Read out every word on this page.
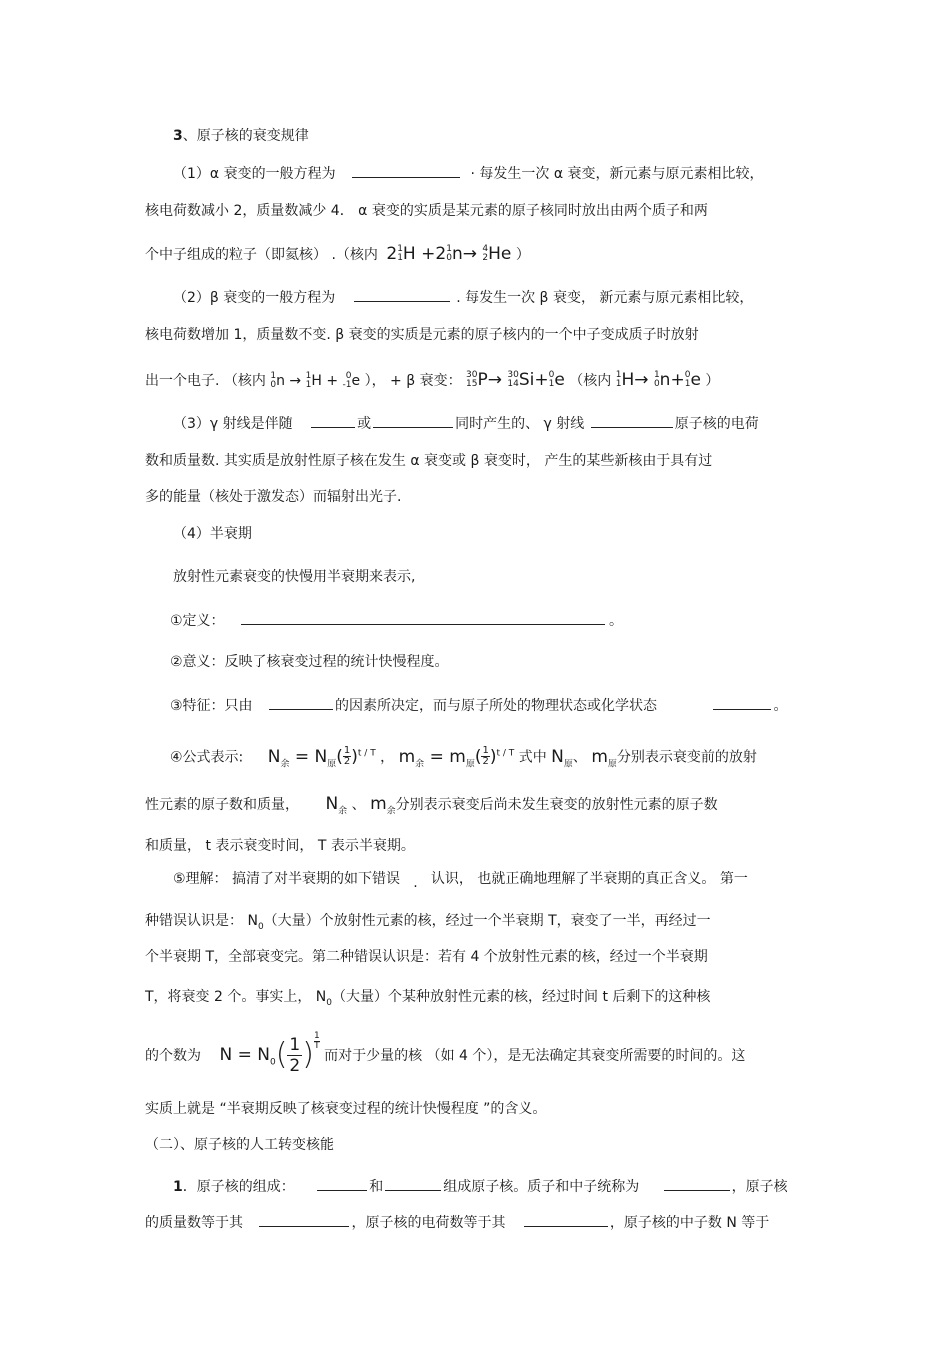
3、原子核的衰变规律
（1）α 衰变的一般方程为	· 每发生一次 α 衰变，新元素与原元素相比较，
核电荷数减小 2，质量数减少 4． α 衰变的实质是某元素的原子核同时放出由两个质子和两
个中子组成的粒子（即氦核） .（核内 2 1
1 H +2 1
0 n→ 4
2 He ）
（2）β 衰变的一般方程为	. 每发生一次 β 衰变， 新元素与原元素相比较，
核电荷数增加 1，质量数不变. β 衰变的实质是元素的原子核内的一个中子变成质子时放射
出一个电子. （核内 1
0 n → 1
1 H + 0
-1 e ）， + β 衰变： 30
15 P→ 30
14 Si+ 0
1 e （核内 1
1 H→ 1
0 n+ 0
1 e ）
（3）γ 射线是伴随	或	同时产生的、 γ 射线	原子核的电荷
数和质量数. 其实质是放射性原子核在发生 α 衰变或 β 衰变时， 产生的某些新核由于具有过
多的能量（核处于激发态）而辐射出光子.
（4）半衰期
放射性元素衰变的快慢用半衰期来表示,
①定义：	。
②意义：反映了核衰变过程的统计快慢程度。
③特征：只由	的因素所决定，而与原子所处的物理状态或化学状态	。
④公式表示: $N_余 = N_原( \frac{1}{2} )^{t / T}$ ， $m_余 = m_原( \frac{1}{2} )^{t / T}$ 式中 $N_原$、 $m_原$分别表示衰变前的放射
性元素的原子数和质量， $N_余$ 、 $m_余$分别表示衰变后尚未发生衰变的放射性元素的原子数
和质量， t 表示衰变时间， T 表示半衰期。
⑤理解： 搞清了对半衰期的如下错误 · 认识， 也就正确地理解了半衰期的真正含义。 第一
种错误认识是： $N_0$（大量）个放射性元素的核，经过一个半衰期 T，衰变了一半，再经过一
个半衰期 T，全部衰变完。第二种错误认识是：若有 4 个放射性元素的核，经过一个半衰期
T，将衰变 2 个。事实上， $N_0$（大量）个某种放射性元素的核，经过时间 t 后剩下的这种核
的个数为 $N = N_0( \frac{1}{2}$ ) $\frac{1}{T}$
而对于少量的核 （如 4 个），是无法确定其衰变所需要的时间的。这
实质上就是 “半衰期反映了核衰变过程的统计快慢程度 ”的含义。
（二）、原子核的人工转变核能
1．原子核的组成：	和	组成原子核。质子和中子统称为	，原子核
的质量数等于其	，原子核的电荷数等于其	，原子核的中子数 N 等于
